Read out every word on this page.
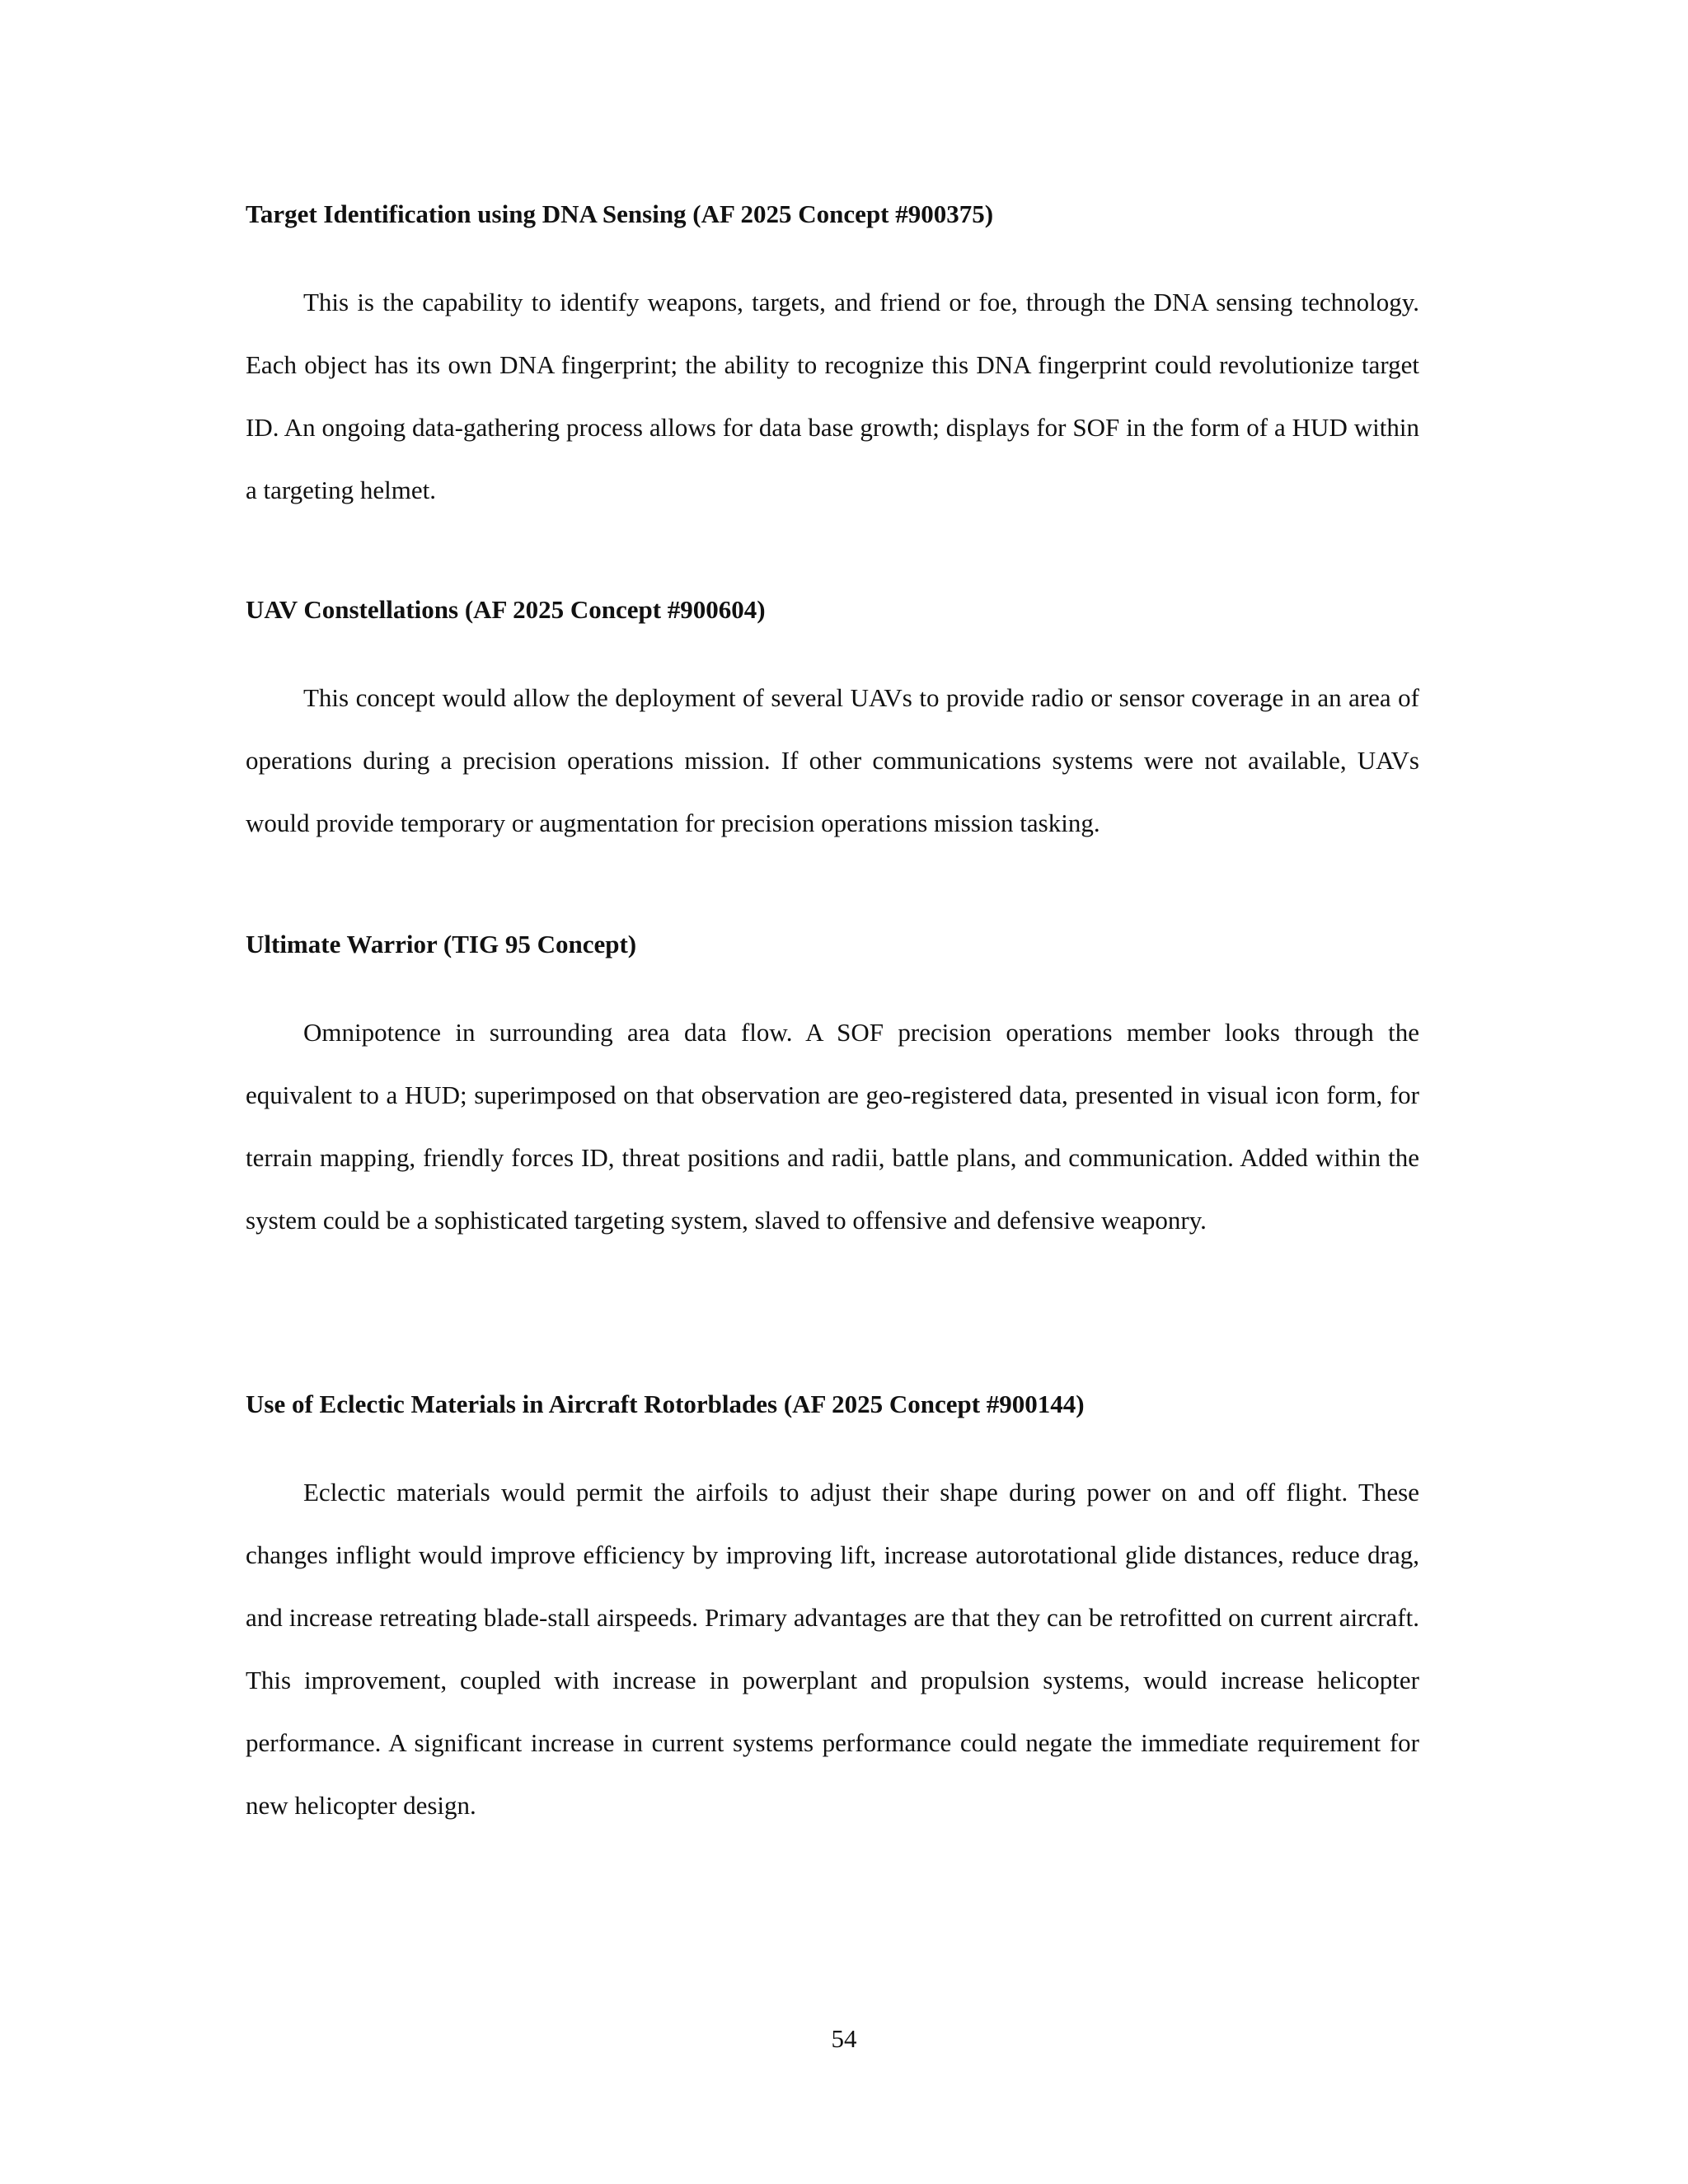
Target Identification using DNA Sensing (AF 2025 Concept #900375)

This is the capability to identify weapons, targets, and friend or foe, through the DNA sensing technology. Each object has its own DNA fingerprint; the ability to recognize this DNA fingerprint could revolutionize target ID. An ongoing data-gathering process allows for data base growth; displays for SOF in the form of a HUD within a targeting helmet.

UAV Constellations (AF 2025 Concept #900604)

This concept would allow the deployment of several UAVs to provide radio or sensor coverage in an area of operations during a precision operations mission. If other communications systems were not available, UAVs would provide temporary or augmentation for precision operations mission tasking.

Ultimate Warrior (TIG 95 Concept)

Omnipotence in surrounding area data flow. A SOF precision operations member looks through the equivalent to a HUD; superimposed on that observation are geo-registered data, presented in visual icon form, for terrain mapping, friendly forces ID, threat positions and radii, battle plans, and communication. Added within the system could be a sophisticated targeting system, slaved to offensive and defensive weaponry.

Use of Eclectic Materials in Aircraft Rotorblades (AF 2025 Concept #900144)

Eclectic materials would permit the airfoils to adjust their shape during power on and off flight. These changes inflight would improve efficiency by improving lift, increase autorotational glide distances, reduce drag, and increase retreating blade-stall airspeeds. Primary advantages are that they can be retrofitted on current aircraft. This improvement, coupled with increase in powerplant and propulsion systems, would increase helicopter performance. A significant increase in current systems performance could negate the immediate requirement for new helicopter design.

54
